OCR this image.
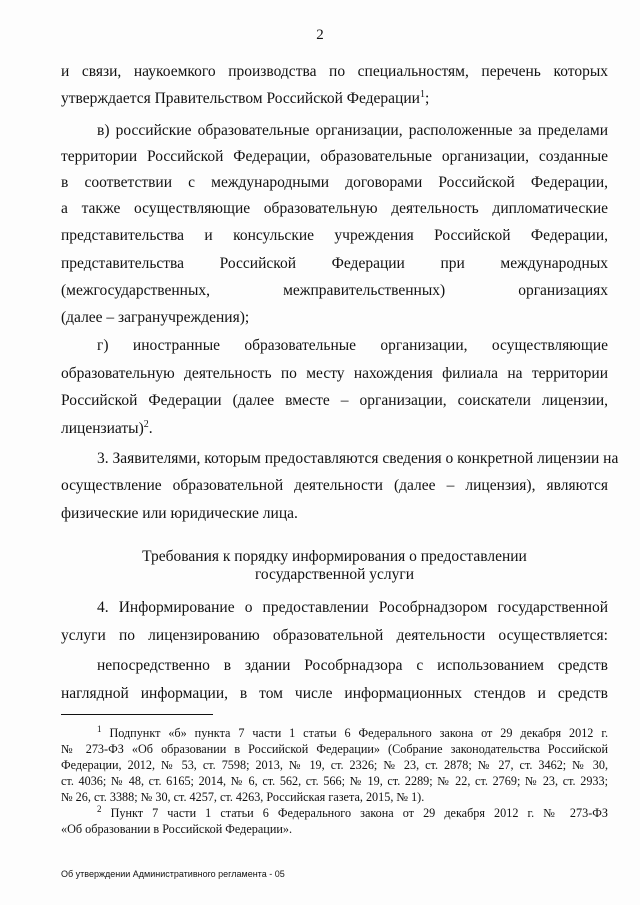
2
и связи, наукоемкого производства по специальностям, перечень которых
утверждается Правительством Российской Федерации$^1$;
в) российские образовательные организации, расположенные за пределами
территории Российской Федерации, образовательные организации, созданные
в соответствии с международными договорами Российской Федерации,
а также осуществляющие образовательную деятельность дипломатические
представительства и консульские учреждения Российской Федерации,
представительства Российской Федерации при международных
(межгосударственных, межправительственных) организациях
(далее – загранучреждения);
г) иностранные образовательные организации, осуществляющие
образовательную деятельность по месту нахождения филиала на территории
Российской Федерации (далее вместе – организации, соискатели лицензии,
лицензиаты)$^2$.
3. Заявителями, которым предоставляются сведения о конкретной лицензии на
осуществление образовательной деятельности (далее – лицензия), являются
физические или юридические лица.
Требования к порядку информирования о предоставлении
государственной услуги
4. Информирование о предоставлении Рособрнадзором государственной
услуги по лицензированию образовательной деятельности осуществляется:
непосредственно в здании Рособрнадзора с использованием средств
наглядной информации, в том числе информационных стендов и средств
$^1$ Подпункт «б» пункта 7 части 1 статьи 6 Федерального закона от 29 декабря 2012 г.
№ 273-ФЗ «Об образовании в Российской Федерации» (Собрание законодательства Российской
Федерации, 2012, № 53, ст. 7598; 2013, № 19, ст. 2326; № 23, ст. 2878; № 27, ст. 3462; № 30,
ст. 4036; № 48, ст. 6165; 2014, № 6, ст. 562, ст. 566; № 19, ст. 2289; № 22, ст. 2769; № 23, ст. 2933;
№ 26, ст. 3388; № 30, ст. 4257, ст. 4263, Российская газета, 2015, № 1).
$^2$ Пункт 7 части 1 статьи 6 Федерального закона от 29 декабря 2012 г. № 273-ФЗ
«Об образовании в Российской Федерации».
Об утверждении Административного регламента - 05
